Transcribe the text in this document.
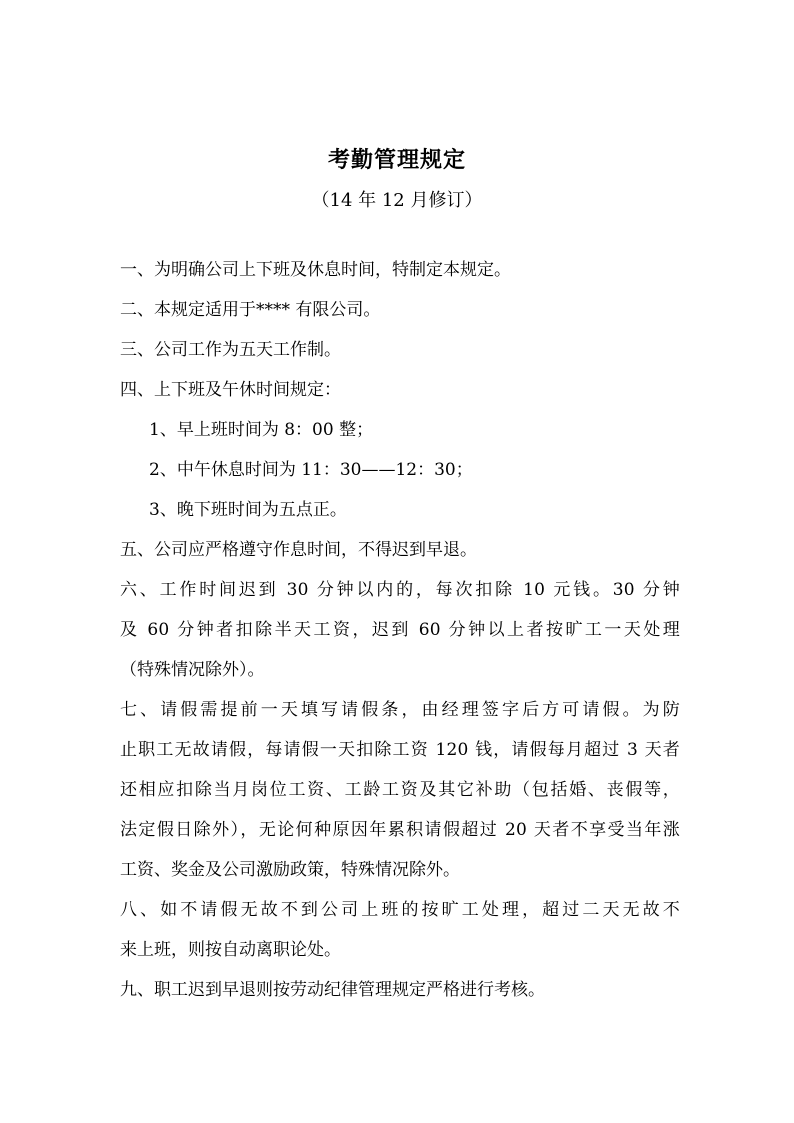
考勤管理规定
（14 年 12 月修订）
一、为明确公司上下班及休息时间，特制定本规定。
二、本规定适用于**** 有限公司。
三、公司工作为五天工作制。
四、上下班及午休时间规定：
1、早上班时间为 8：00 整；
2、中午休息时间为 11：30——12：30；
3、晚下班时间为五点正。
五、公司应严格遵守作息时间，不得迟到早退。
六、工作时间迟到 30 分钟以内的，每次扣除 10 元钱。30 分钟
及 60 分钟者扣除半天工资，迟到 60 分钟以上者按旷工一天处理
（特殊情况除外）。
七、请假需提前一天填写请假条，由经理签字后方可请假。为防
止职工无故请假，每请假一天扣除工资 120 钱，请假每月超过 3 天者
还相应扣除当月岗位工资、工龄工资及其它补助（包括婚、丧假等，
法定假日除外），无论何种原因年累积请假超过 20 天者不享受当年涨
工资、奖金及公司激励政策，特殊情况除外。
八、如不请假无故不到公司上班的按旷工处理，超过二天无故不
来上班，则按自动离职论处。
九、职工迟到早退则按劳动纪律管理规定严格进行考核。
